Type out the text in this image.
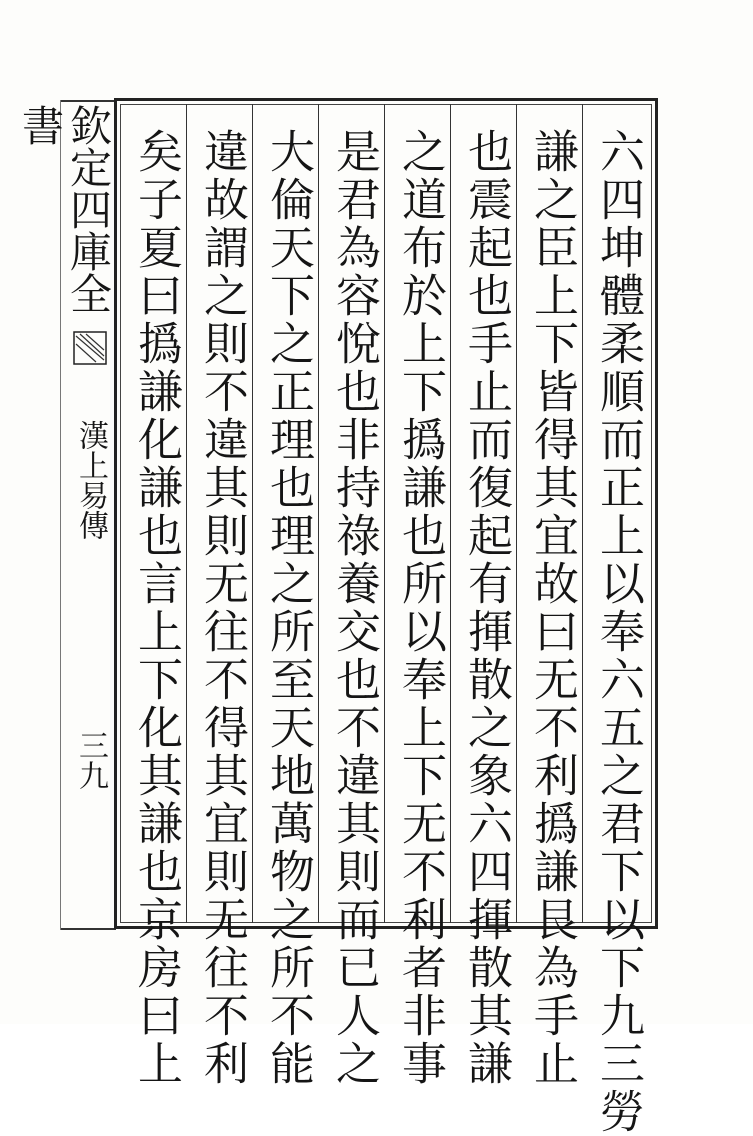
欽定四庫全書
漢上易傳
三九	六四坤體柔順而正上以奉六五之君下以下九三勞
謙之臣上下皆得其宜故曰无不利撝謙艮為手止
也震起也手止而復起有揮散之象六四揮散其謙
之道布於上下撝謙也所以奉上下无不利者非事
是君為容悅也非持祿養交也不違其則而已人之
大倫天下之正理也理之所至天地萬物之所不能
違故謂之則不違其則无往不得其宜則无往不利
矣子夏曰撝謙化謙也言上下化其謙也京房曰上
